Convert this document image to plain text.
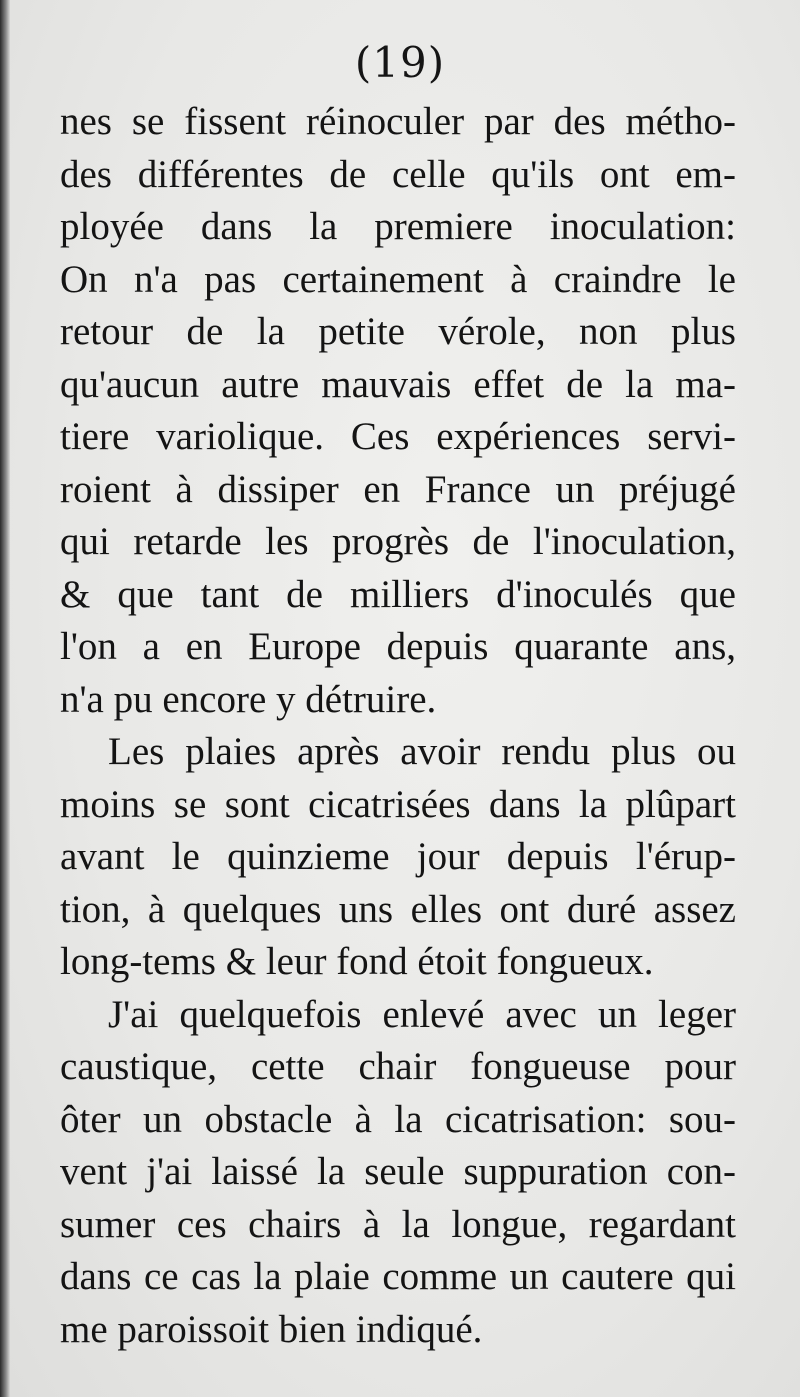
(19)
nes se fissent réinoculer par des métho-
des différentes de celle qu'ils ont em-
ployée dans la premiere inoculation:
On n'a pas certainement à craindre le
retour de la petite vérole, non plus
qu'aucun autre mauvais effet de la ma-
tiere variolique. Ces expériences servi-
roient à dissiper en France un préjugé
qui retarde les progrès de l'inoculation,
& que tant de milliers d'inoculés que
l'on a en Europe depuis quarante ans,
n'a pu encore y détruire.
Les plaies après avoir rendu plus ou
moins se sont cicatrisées dans la plûpart
avant le quinzieme jour depuis l'érup-
tion, à quelques uns elles ont duré assez
long-tems & leur fond étoit fongueux.
J'ai quelquefois enlevé avec un leger
caustique, cette chair fongueuse pour
ôter un obstacle à la cicatrisation: sou-
vent j'ai laissé la seule suppuration con-
sumer ces chairs à la longue, regardant
dans ce cas la plaie comme un cautere qui
me paroissoit bien indiqué.
